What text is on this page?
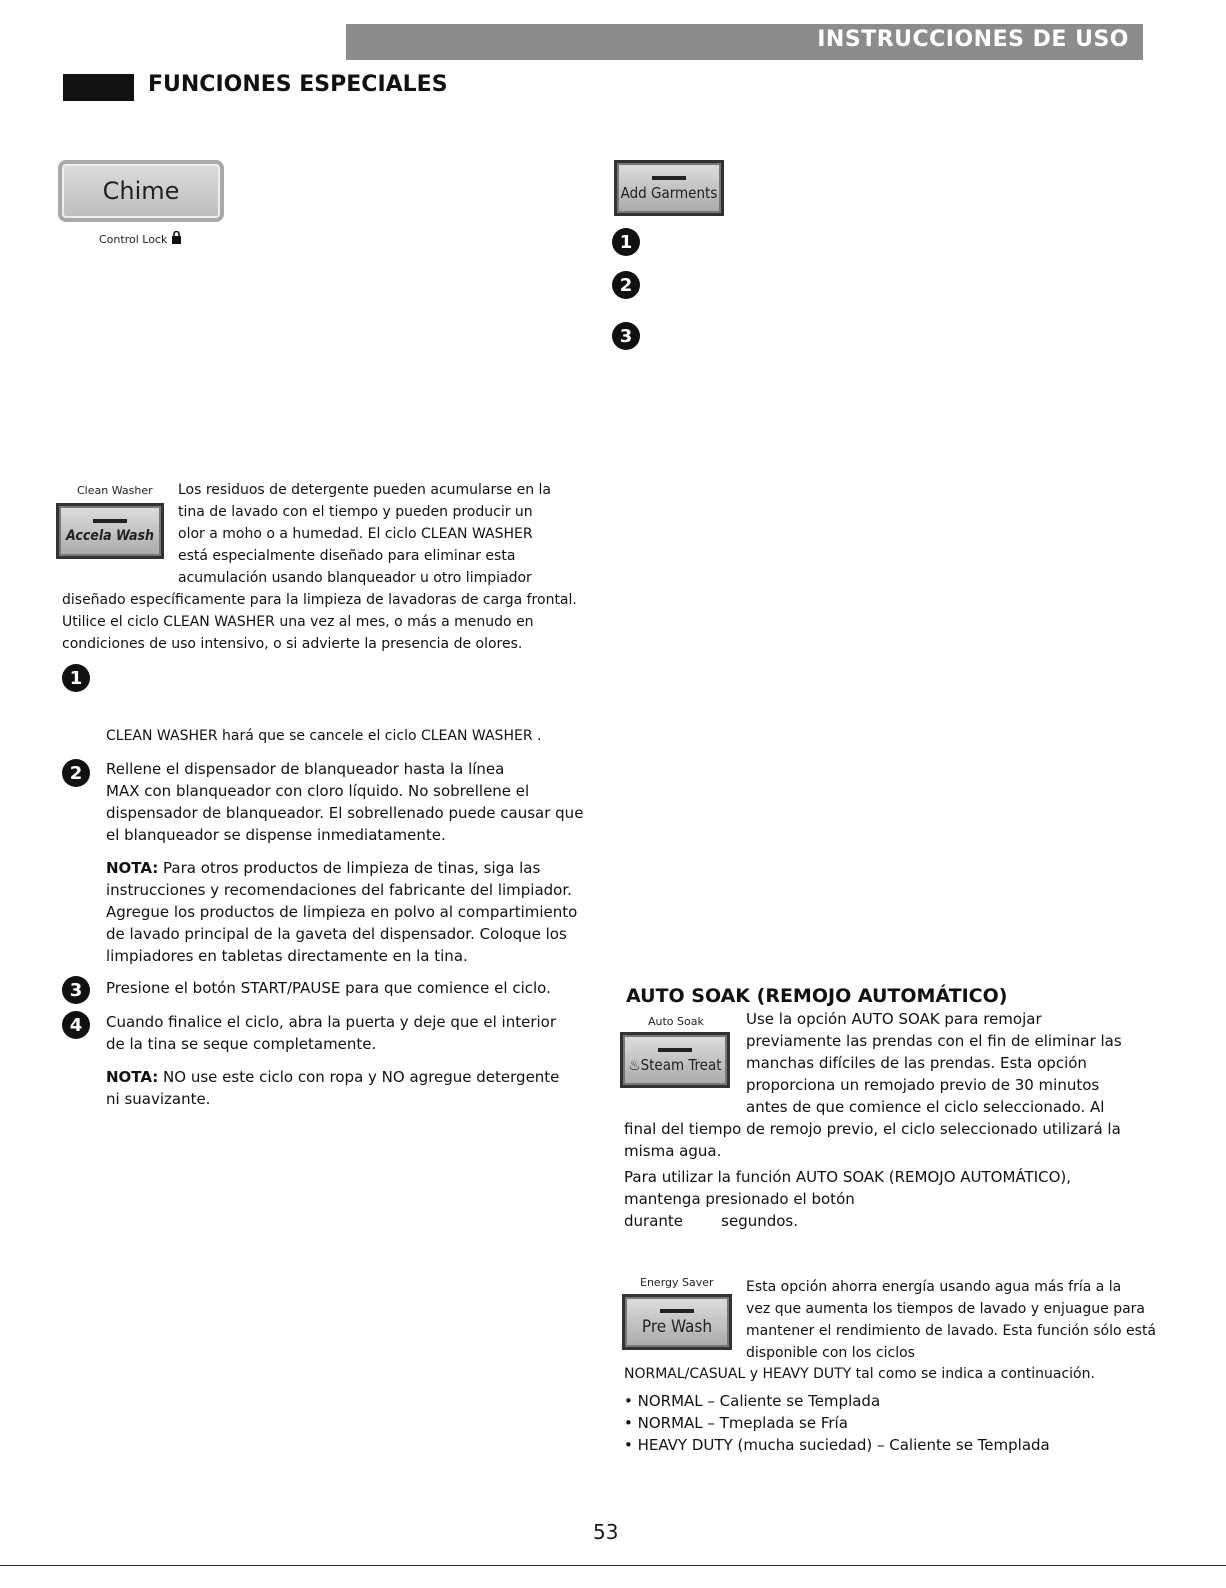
INSTRUCCIONES DE USO
FUNCIONES ESPECIALES
Chime
Control Lock
Add Garments
1
2
3
Clean Washer
Accela Wash
Los residuos de detergente pueden acumularse en la
tina de lavado con el tiempo y pueden producir un
olor a moho o a humedad. El ciclo CLEAN WASHER
está especialmente diseñado para eliminar esta
acumulación usando blanqueador u otro limpiador
diseñado específicamente para la limpieza de lavadoras de carga frontal.
Utilice el ciclo CLEAN WASHER una vez al mes, o más a menudo en
condiciones de uso intensivo, o si advierte la presencia de olores.
1
CLEAN WASHER hará que se cancele el ciclo CLEAN WASHER .
2	Rellene el dispensador de blanqueador hasta la línea
MAX con blanqueador con cloro líquido. No sobrellene el
dispensador de blanqueador. El sobrellenado puede causar que
el blanqueador se dispense inmediatamente.
NOTA: Para otros productos de limpieza de tinas, siga las
instrucciones y recomendaciones del fabricante del limpiador.
Agregue los productos de limpieza en polvo al compartimiento
de lavado principal de la gaveta del dispensador. Coloque los
limpiadores en tabletas directamente en la tina.
3	Presione el botón START/PAUSE para que comience el ciclo.
4	Cuando finalice el ciclo, abra la puerta y deje que el interior
de la tina se seque completamente.
NOTA: NO use este ciclo con ropa y NO agregue detergente
ni suavizante.
AUTO SOAK (REMOJO AUTOMÁTICO)
Auto Soak
♨Steam Treat
Use la opción AUTO SOAK para remojar
previamente las prendas con el fin de eliminar las
manchas difíciles de las prendas. Esta opción
proporciona un remojado previo de 30 minutos
antes de que comience el ciclo seleccionado. Al
final del tiempo de remojo previo, el ciclo seleccionado utilizará la
misma agua.
Para utilizar la función AUTO SOAK (REMOJO AUTOMÁTICO),
mantenga presionado el botón
durante        segundos.
Energy Saver
Pre Wash
Esta opción ahorra energía usando agua más fría a la
vez que aumenta los tiempos de lavado y enjuague para
mantener el rendimiento de lavado. Esta función sólo está
disponible con los ciclos
NORMAL/CASUAL y HEAVY DUTY tal como se indica a continuación.
• NORMAL – Caliente se Templada
• NORMAL – Tmeplada se Fría
• HEAVY DUTY (mucha suciedad) – Caliente se Templada
53
